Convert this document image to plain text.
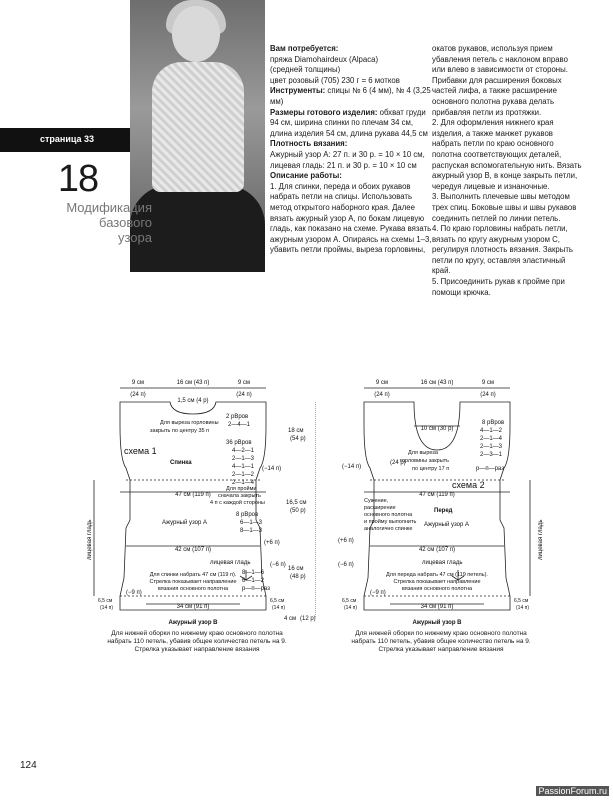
страница 33
18
Модификация
базового
узора

Вам потребуется:

пряжа Diamohairdeux (Alpaca)

(средней толщины)

цвет розовый (705) 230 г = 6 мотков

Инструменты: спицы № 6 (4 мм), № 4 (3,25 мм)

Размеры готового изделия: обхват груди 94 см, ширина спинки по плечам 34 см, длина изделия 54 см, длина рукава 44,5 см

Плотность вязания:

Ажурный узор А: 27 п. и 30 р. = 10 × 10 см,

лицевая гладь: 21 п. и 30 р. = 10 × 10 см

Описание работы:

1. Для спинки, переда и обоих рукавов набрать петли на спицы. Использовать метод открытого наборного края. Далее вязать ажурный узор А, по бокам лицевую гладь, как показано на схеме. Рукава вязать ажурным узором А. Опираясь на схемы 1–3, убавить петли проймы, выреза горловины,

окатов рукавов, используя прием убавления петель с наклоном вправо или влево в зависимости от стороны. Прибавки для расширения боковых частей лифа, а также расширение основного полотна рукава делать прибавляя петли из протяжки.

2. Для оформления нижнего края изделия, а также манжет рукавов набрать петли по краю основного полотна соответствующих деталей, распуская вспомогательную нить. Вязать ажурный узор В, в конце закрыть петли, чередуя лицевые и изнаночные.

3. Выполнить плечевые швы методом трех спиц. Боковые швы и швы рукавов соединить петлей по линии петель.

4. По краю горловины набрать петли, вязать по кругу ажурным узором С, регулируя плотность вязания. Закрыть петли по кругу, оставляя эластичный край.

5. Присоединить рукав к пройме при помощи крючка.

9 см
(24 п)
16 см (43 п)	9 см
(24 п)
1,5 см (4 р)
Для выреза горловины
закрыть по центру 35 п
2 рВров
2—4—1
36 рВров
4—2—1
2—1—3
4—1—1
2—1—2
2—1—4
схема 1
Спинка
(−14 п)
Для пройми
сначала закрыть
4 п с каждой стороны
47 см (119 п)
Ажурный узор А
8 рВров
6—1—3
8—1—3
(+6 п)
42 см (107 п)
лицевая гладь
8—1—6
6—1—2
р—п—раз
(−6 п)
Для спинки набрать 47 см (119 п).
Стрелка показывает направление
вязания основного полотна
(−9 п)
34 см (91 п)
Ажурный узор В
6,5 см
(14 п)
6,5 см
(14 п)
лицевая гладь
18 см
(54 р)
16,5 см
(50 р)
16 см
(48 р)
4 см (12 р)
9 см
(24 п)
16 см (43 п)	9 см
(24 п)
10 см (30 р)
8 рВров
4—1—2
2—1—4
2—1—3
2—3—1
р—п—раз
Для выреза
горловины закрыть
по центру 17 п
(24 р)
(−14 п)
схема 2
47 см (119 п)
Сужение,
расширение
основного полотна
и пройму выполнить
аналогично спинке
Перед
Ажурный узор А
(+6 п)
42 см (107 п)
лицевая гладь
(−6 п)
Для переда набрать 47 см (119 петель).
Стрелка показывает направление
вязания основного полотна
(−9 п)
34 см (91 п)
Ажурный узор В
6,5 см
(14 п)
6,5 см
(14 п)
лицевая гладь
Для нижней оборки по нижнему краю основного полотна
набрать 110 петель, убавив общее количество петель на 9.
Стрелка указывает направление вязания
Для нижней оборки по нижнему краю основного полотна
набрать 110 петель, убавив общее количество петель на 9.
Стрелка указывает направление вязания
124
PassionForum.ru
